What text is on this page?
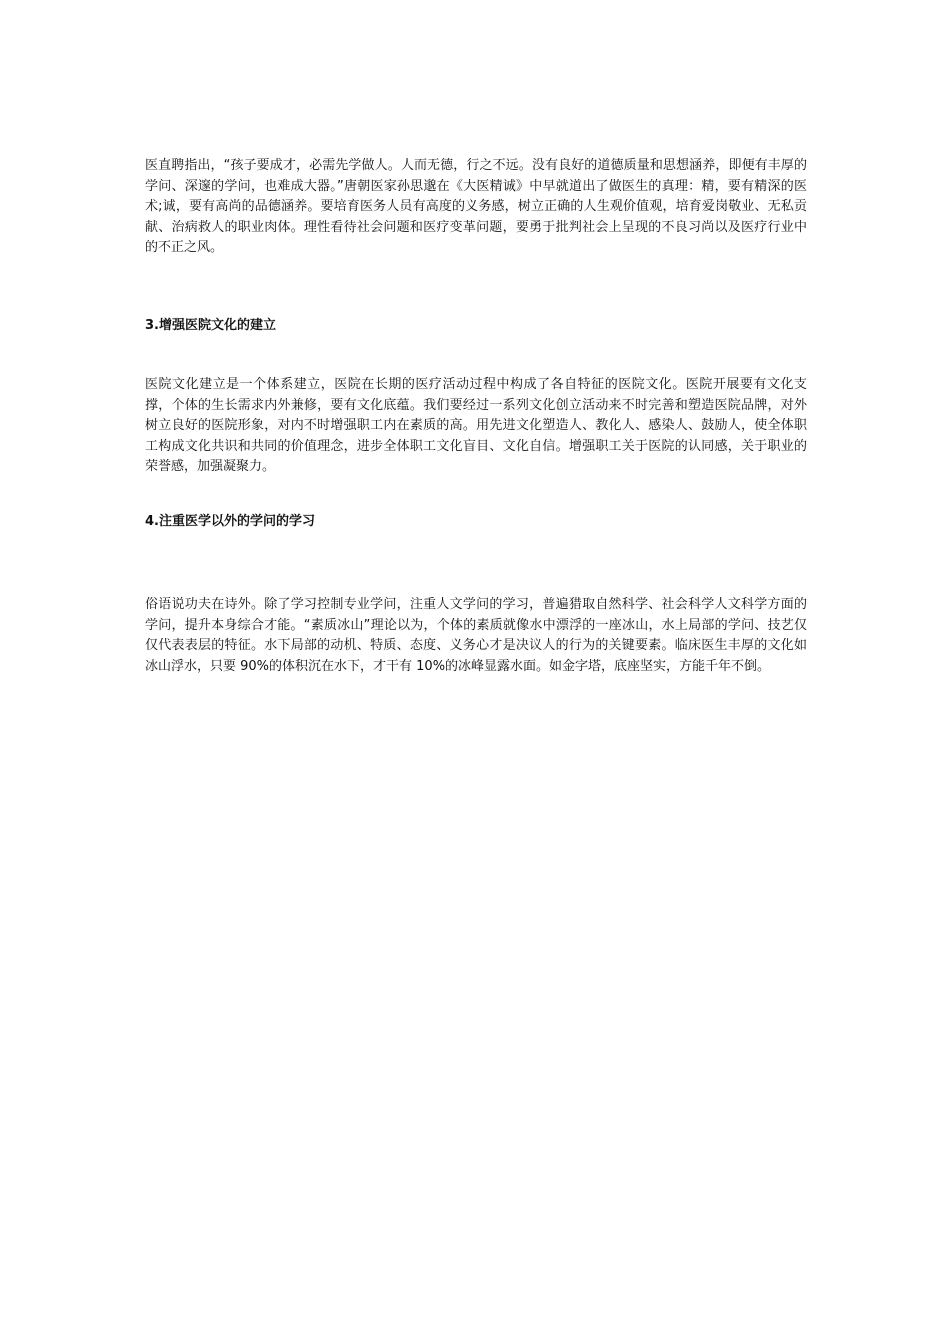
医直聘指出，“孩子要成才，必需先学做人。人而无德，行之不远。没有良好的道德质量和思想涵养，即便有丰厚的学问、深邃的学问，也难成大器。”唐朝医家孙思邈在《大医精诚》中早就道出了做医生的真理：精，要有精深的医术;诚，要有高尚的品德涵养。要培育医务人员有高度的义务感，树立正确的人生观价值观，培育爱岗敬业、无私贡献、治病救人的职业肉体。理性看待社会问题和医疗变革问题，要勇于批判社会上呈现的不良习尚以及医疗行业中的不正之风。

3.增强医院文化的建立

医院文化建立是一个体系建立，医院在长期的医疗活动过程中构成了各自特征的医院文化。医院开展要有文化支撑，个体的生长需求内外兼修，要有文化底蕴。我们要经过一系列文化创立活动来不时完善和塑造医院品牌，对外树立良好的医院形象，对内不时增强职工内在素质的高。用先进文化塑造人、教化人、感染人、鼓励人，使全体职工构成文化共识和共同的价值理念，进步全体职工文化盲目、文化自信。增强职工关于医院的认同感，关于职业的荣誉感，加强凝聚力。

4.注重医学以外的学问的学习

俗语说功夫在诗外。除了学习控制专业学问，注重人文学问的学习，普遍猎取自然科学、社会科学人文科学方面的学问，提升本身综合才能。“素质冰山”理论以为，个体的素质就像水中漂浮的一座冰山，水上局部的学问、技艺仅仅代表表层的特征。水下局部的动机、特质、态度、义务心才是决议人的行为的关键要素。临床医生丰厚的文化如冰山浮水，只要 90%的体积沉在水下，才干有 10%的冰峰显露水面。如金字塔，底座坚实，方能千年不倒。
